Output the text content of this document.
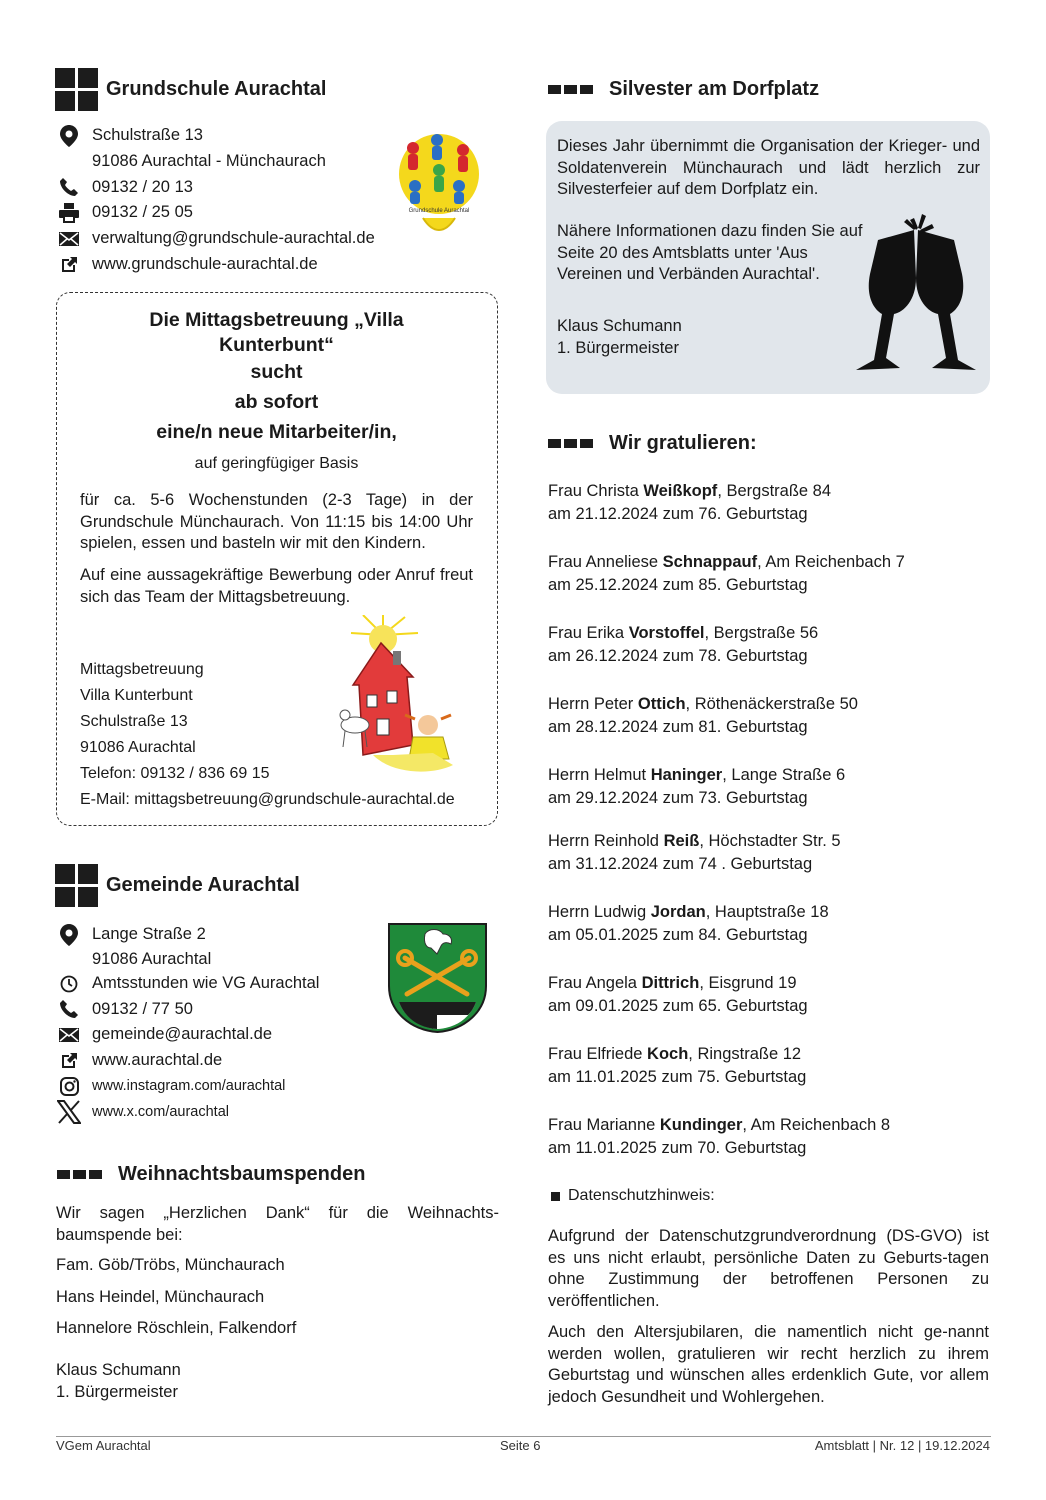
Grundschule Aurachtal
Schulstraße 13
91086 Aurachtal - Münchaurach
09132 / 20 13
09132 / 25 05
verwaltung@grundschule-aurachtal.de
www.grundschule-aurachtal.de
Grundschule Aurachtal
Die Mittagsbetreuung „Villa
Kunterbunt“
sucht
ab sofort
eine/n neue Mitarbeiter/in,
auf geringfügiger Basis
für ca. 5-6 Wochenstunden (2-3 Tage) in der Grundschule Münchaurach. Von 11:15 bis 14:00 Uhr spielen, essen und basteln wir mit den Kindern.
Auf eine aussagekräftige Bewerbung oder Anruf freut sich das Team der Mittagsbetreuung.
Mittagsbetreuung
Villa Kunterbunt
Schulstraße 13
91086 Aurachtal
Telefon: 09132 / 836 69 15
E-Mail: mittagsbetreuung@grundschule-aurachtal.de
Gemeinde Aurachtal
Lange Straße 2
91086 Aurachtal
Amtsstunden wie VG Aurachtal
09132 / 77 50
gemeinde@aurachtal.de
www.aurachtal.de
www.instagram.com/aurachtal
www.x.com/aurachtal
Weihnachtsbaumspenden
Wir sagen „Herzlichen Dank“ für die Weihnachts-baumspende bei:
Fam. Göb/Tröbs, Münchaurach
Hans Heindel, Münchaurach
Hannelore Röschlein, Falkendorf
Klaus Schumann
1. Bürgermeister
Silvester am Dorfplatz
Dieses Jahr übernimmt die Organisation der Krieger- und Soldatenverein Münchaurach und lädt herzlich zur Silvesterfeier auf dem Dorfplatz ein.
Nähere Informationen dazu finden Sie auf Seite 20 des Amtsblatts unter 'Aus Vereinen und Verbänden Aurachtal'.
Klaus Schumann
1. Bürgermeister
Wir gratulieren:

Frau Christa Weißkopf, Bergstraße 84

am 21.12.2024 zum 76. Geburtstag

Frau Anneliese Schnappauf, Am Reichenbach 7

am 25.12.2024 zum 85. Geburtstag

Frau Erika Vorstoffel, Bergstraße 56

am 26.12.2024 zum 78. Geburtstag

Herrn Peter Ottich, Röthenäckerstraße 50

am 28.12.2024 zum 81. Geburtstag

Herrn Helmut Haninger, Lange Straße 6

am 29.12.2024 zum 73. Geburtstag

Herrn Reinhold Reiß, Höchstadter Str. 5

am 31.12.2024 zum 74 . Geburtstag

Herrn Ludwig Jordan, Hauptstraße 18

am 05.01.2025 zum 84. Geburtstag

Frau Angela Dittrich, Eisgrund 19

am 09.01.2025 zum 65. Geburtstag

Frau Elfriede Koch, Ringstraße 12

am 11.01.2025 zum 75. Geburtstag

Frau Marianne Kundinger, Am Reichenbach 8

am 11.01.2025 zum 70. Geburtstag

Datenschutzhinweis:
Aufgrund der Datenschutzgrundverordnung (DS-GVO) ist es uns nicht erlaubt, persönliche Daten zu Geburts-tagen ohne Zustimmung der betroffenen Personen zu veröffentlichen.
Auch den Altersjubilaren, die namentlich nicht ge-nannt werden wollen, gratulieren wir recht herzlich zu ihrem Geburtstag und wünschen alles erdenklich Gute, vor allem jedoch Gesundheit und Wohlergehen.
VGem Aurachtal	Seite 6	Amtsblatt | Nr. 12 | 19.12.2024
